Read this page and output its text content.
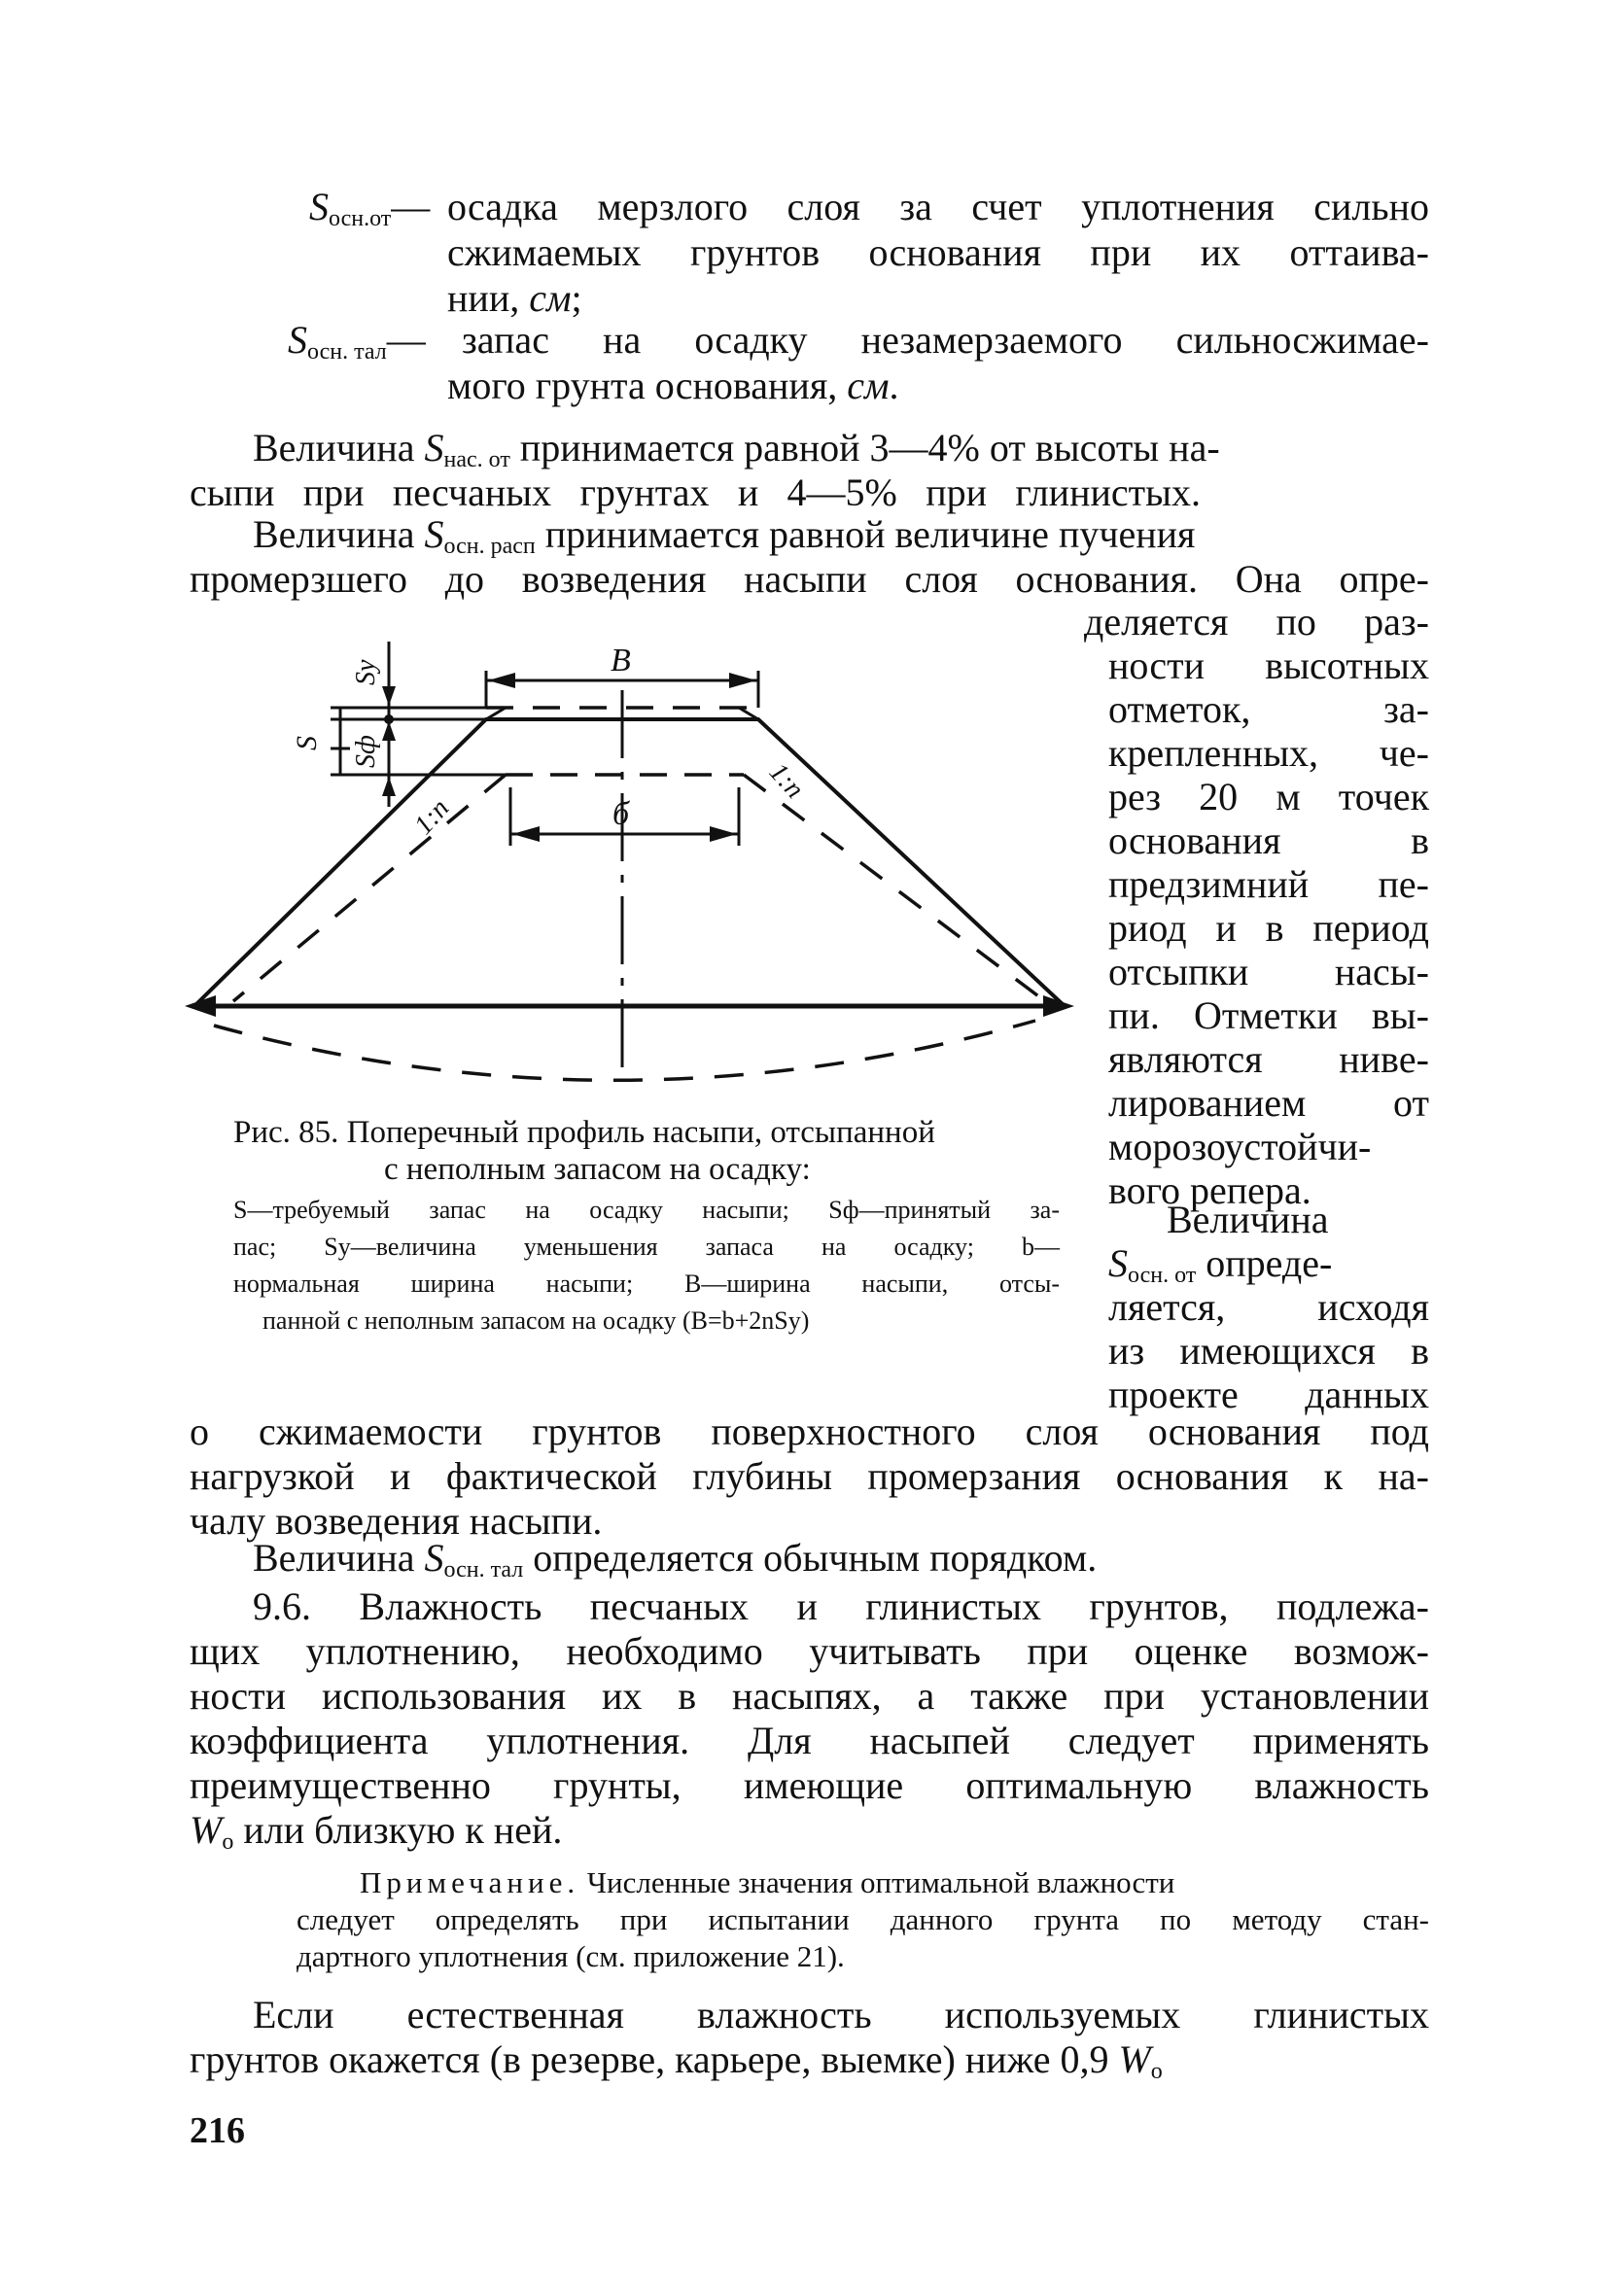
$S_{осн.от}—$ осадка мерзлого слоя за счет уплотнения сильно
сжимаемых грунтов основания при их оттаива-
нии, см;
$S_{осн. тал}—$ запас на осадку незамерзаемого сильносжимае-
мого грунта основания, см.
Величина $S_{нас. от}$ принимается равной 3—4% от высоты на-
сыпи при песчаных грунтах и 4—5% при глинистых.
Величина $S_{осн. расп}$ принимается равной величине пучения
промерзшего до возведения насыпи слоя основания. Она опре-
деляется по раз-
ности высотных
отметок, за-
крепленных, че-
рез 20 м точек
основания в
предзимний пе-
риод и в период
отсыпки насы-
пи. Отметки вы-
являются нивe-
лированием от
морозоустойчи-
вого репера.
Величина
$S_{осн. от}$ опреде-
ляется, исходя
из имеющихся в
проекте данных
B
б
S
Sy
Sф
1:n
1:n
Рис. 85. Поперечный профиль насыпи, отсыпанной
с неполным запасом на осадку:
S—требуемый запас на осадку насыпи; Sф—принятый за-
пас; Sy—величина уменьшения запаса на осадку; b—
нормальная ширина насыпи; B—ширина насыпи, отсы-
панной с неполным запасом на осадку (B=b+2nSy)
о сжимаемости грунтов поверхностного слоя основания под
нагрузкой и фактической глубины промерзания основания к на-
чалу возведения насыпи.
Величина $S_{осн. тал}$ определяется обычным порядком.
9.6. Влажность песчаных и глинистых грунтов, подлежа-
щих уплотнению, необходимо учитывать при оценке возмож-
ности использования их в насыпях, а также при установлении
коэффициента уплотнения. Для насыпей следует применять
преимущественно грунты, имеющие оптимальную влажность
$W_o$ или близкую к ней.
Примечание. Численные значения оптимальной влажности
следует определять при испытании данного грунта по методу стан-
дартного уплотнения (см. приложение 21).
Если естественная влажность используемых глинистых
грунтов окажется (в резерве, карьере, выемке) ниже 0,9 $W_o$
216
